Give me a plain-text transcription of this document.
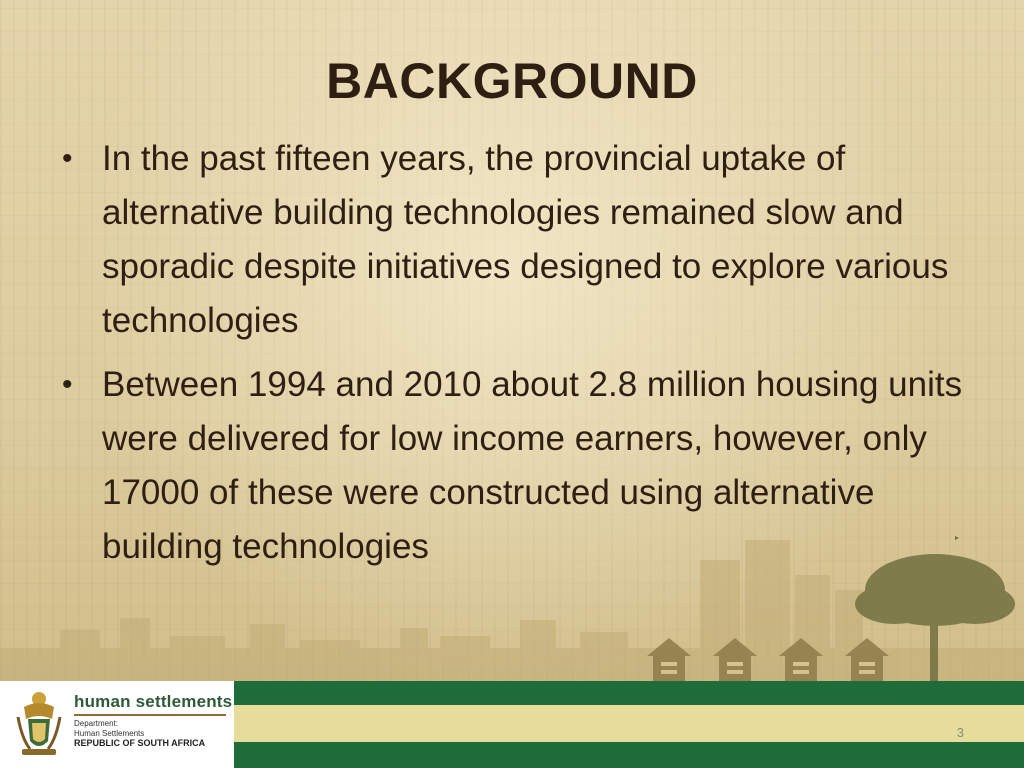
BACKGROUND
• In the past fifteen years, the provincial uptake of alternative building technologies remained slow and sporadic despite initiatives designed to explore various technologies
• Between 1994 and 2010 about 2.8 million housing units were delivered for low income earners, however, only 17000 of these were constructed using alternative building technologies
human settlements
Department:
Human Settlements
REPUBLIC OF SOUTH AFRICA
3
